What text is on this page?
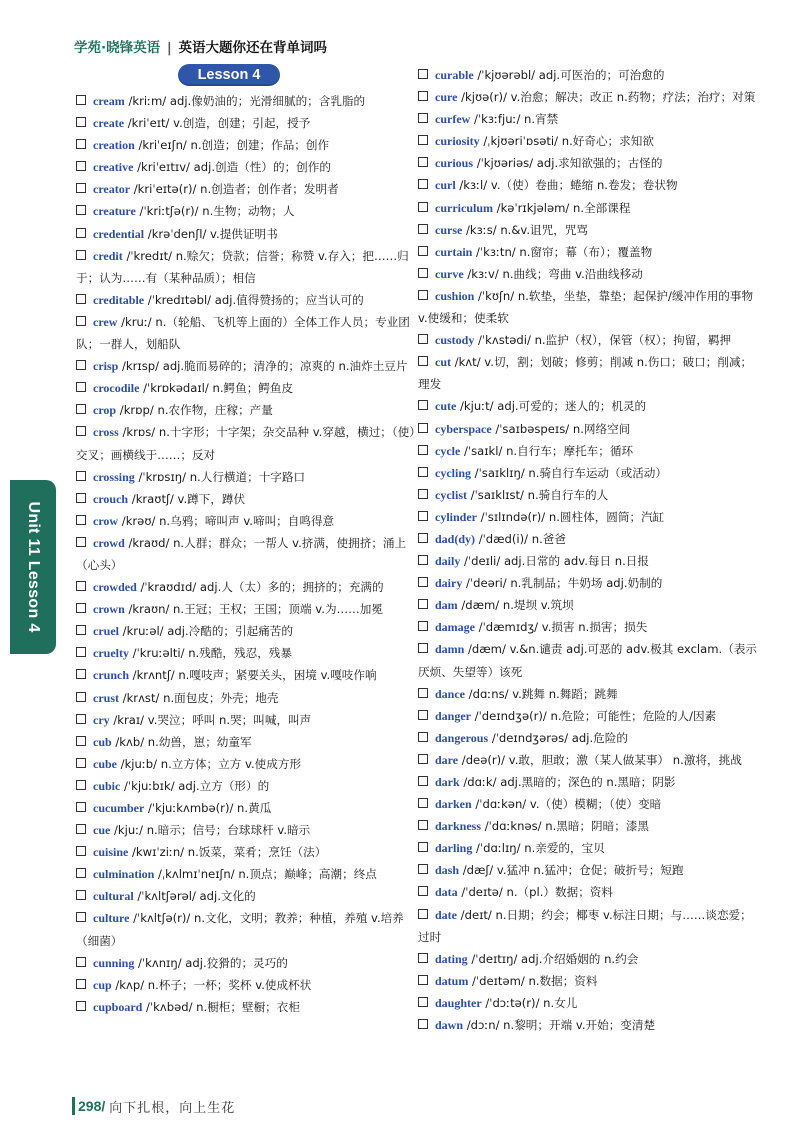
学苑·晓锋英语 | 英语大题你还在背单词吗
Lesson 4
Unit 11 Lesson 4

cream /kriːm/ adj.像奶油的；光滑细腻的；含乳脂的

create /kriˈeɪt/ v.创造，创建；引起，授予

creation /kriˈeɪʃn/ n.创造；创建；作品；创作

creative /kriˈeɪtɪv/ adj.创造（性）的；创作的

creator /kriˈeɪtə(r)/ n.创造者；创作者；发明者

creature /ˈkriːtʃə(r)/ n.生物；动物；人

credential /krəˈdenʃl/ v.提供证明书

credit /ˈkredɪt/ n.赊欠；贷款；信誉；称赞 v.存入；把……归于；认为……有（某种品质）；相信

creditable /ˈkredɪtəbl/ adj.值得赞扬的；应当认可的

crew /kruː/ n.（轮船、飞机等上面的）全体工作人员；专业团队；一群人，划船队

crisp /krɪsp/ adj.脆而易碎的；清净的；凉爽的 n.油炸土豆片

crocodile /ˈkrɒkədaɪl/ n.鳄鱼；鳄鱼皮

crop /krɒp/ n.农作物，庄稼；产量

cross /krɒs/ n.十字形；十字架；杂交品种 v.穿越，横过；（使）交叉；画横线于……；反对

crossing /ˈkrɒsɪŋ/ n.人行横道；十字路口

crouch /kraʊtʃ/ v.蹲下，蹲伏

crow /krəʊ/ n.乌鸦；啼叫声 v.啼叫；自鸣得意

crowd /kraʊd/ n.人群；群众；一帮人 v.挤满，使拥挤；涌上（心头）

crowded /ˈkraʊdɪd/ adj.人（太）多的；拥挤的；充满的

crown /kraʊn/ n.王冠；王权；王国；顶端 v.为……加冕

cruel /kruːəl/ adj.冷酷的；引起痛苦的

cruelty /ˈkruːəlti/ n.残酷，残忍，残暴

crunch /krʌntʃ/ n.嘎吱声；紧要关头，困境 v.嘎吱作响

crust /krʌst/ n.面包皮；外壳；地壳

cry /kraɪ/ v.哭泣；呼叫 n.哭；叫喊，叫声

cub /kʌb/ n.幼兽，崽；幼童军

cube /kjuːb/ n.立方体；立方 v.使成方形

cubic /ˈkjuːbɪk/ adj.立方（形）的

cucumber /ˈkjuːkʌmbə(r)/ n.黄瓜

cue /kjuː/ n.暗示；信号；台球球杆 v.暗示

cuisine /kwɪˈziːn/ n.饭菜，菜肴；烹饪（法）

culmination /ˌkʌlmɪˈneɪʃn/ n.顶点；巅峰；高潮；终点

cultural /ˈkʌltʃərəl/ adj.文化的

culture /ˈkʌltʃə(r)/ n.文化，文明；教养；种植，养殖 v.培养（细菌）

cunning /ˈkʌnɪŋ/ adj.狡猾的；灵巧的

cup /kʌp/ n.杯子；一杯；奖杯 v.使成杯状

cupboard /ˈkʌbəd/ n.橱柜；壁橱；衣柜

curable /ˈkjʊərəbl/ adj.可医治的；可治愈的

cure /kjʊə(r)/ v.治愈；解决；改正 n.药物；疗法；治疗；对策

curfew /ˈkɜːfjuː/ n.宵禁

curiosity /ˌkjʊəriˈɒsəti/ n.好奇心；求知欲

curious /ˈkjʊəriəs/ adj.求知欲强的；古怪的

curl /kɜːl/ v.（使）卷曲；蜷缩 n.卷发；卷状物

curriculum /kəˈrɪkjələm/ n.全部课程

curse /kɜːs/ n.&v.诅咒，咒骂

curtain /ˈkɜːtn/ n.窗帘；幕（布）；覆盖物

curve /kɜːv/ n.曲线；弯曲 v.沿曲线移动

cushion /ˈkʊʃn/ n.软垫，坐垫，靠垫；起保护/缓冲作用的事物 v.使缓和；使柔软

custody /ˈkʌstədi/ n.监护（权），保管（权）；拘留，羁押

cut /kʌt/ v.切，割；划破；修剪；削减 n.伤口；破口；削减；理发

cute /kjuːt/ adj.可爱的；迷人的；机灵的

cyberspace /ˈsaɪbəspeɪs/ n.网络空间

cycle /ˈsaɪkl/ n.自行车；摩托车；循环

cycling /ˈsaɪklɪŋ/ n.骑自行车运动（或活动）

cyclist /ˈsaɪklɪst/ n.骑自行车的人

cylinder /ˈsɪlɪndə(r)/ n.圆柱体，圆筒；汽缸

dad(dy) /ˈdæd(i)/ n.爸爸

daily /ˈdeɪli/ adj.日常的 adv.每日 n.日报

dairy /ˈdeəri/ n.乳制品；牛奶场 adj.奶制的

dam /dæm/ n.堤坝 v.筑坝

damage /ˈdæmɪdʒ/ v.损害 n.损害；损失

damn /dæm/ v.&n.谴责 adj.可恶的 adv.极其 exclam.（表示厌烦、失望等）该死

dance /dɑːns/ v.跳舞 n.舞蹈；跳舞

danger /ˈdeɪndʒə(r)/ n.危险；可能性；危险的人/因素

dangerous /ˈdeɪndʒərəs/ adj.危险的

dare /deə(r)/ v.敢，胆敢；激（某人做某事） n.激将，挑战

dark /dɑːk/ adj.黑暗的；深色的 n.黑暗；阴影

darken /ˈdɑːkən/ v.（使）模糊；（使）变暗

darkness /ˈdɑːknəs/ n.黑暗；阴暗；漆黑

darling /ˈdɑːlɪŋ/ n.亲爱的，宝贝

dash /dæʃ/ v.猛冲 n.猛冲；仓促；破折号；短跑

data /ˈdeɪtə/ n.（pl.）数据；资料

date /deɪt/ n.日期；约会；椰枣 v.标注日期；与……谈恋爱；过时

dating /ˈdeɪtɪŋ/ adj.介绍婚姻的 n.约会

datum /ˈdeɪtəm/ n.数据；资料

daughter /ˈdɔːtə(r)/ n.女儿

dawn /dɔːn/ n.黎明；开端 v.开始；变清楚

298 / 向下扎根，向上生花
